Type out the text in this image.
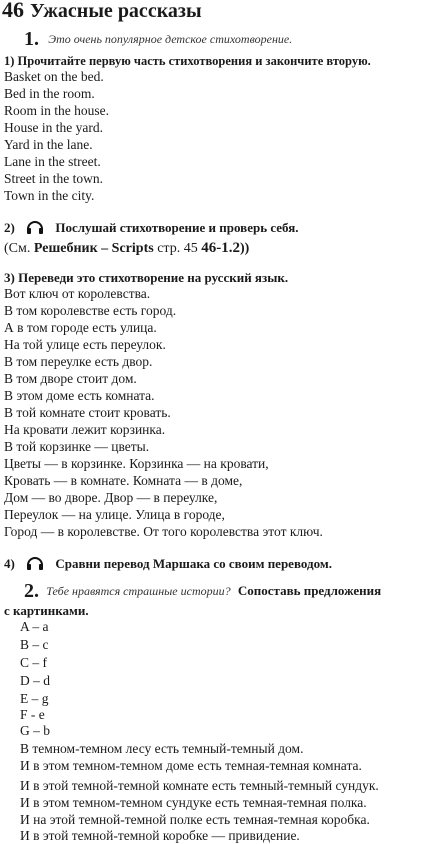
46 Ужасные рассказы
1. Это очень популярное детское стихотворение.
1) Прочитайте первую часть стихотворения и закончите вторую.
Basket on the bed.
Bed in the room.
Room in the house.
House in the yard.
Yard in the lane.
Lane in the street.
Street in the town.
Town in the city.
2)	Послушай стихотворение и проверь себя.
(См. Решебник – Scripts стр. 45 46-1.2))
3) Переведи это стихотворение на русский язык.
Вот ключ от королевства.
В том королевстве есть город.
А в том городе есть улица.
На той улице есть переулок.
В том переулке есть двор.
В том дворе стоит дом.
В этом доме есть комната.
В той комнате стоит кровать.
На кровати лежит корзинка.
В той корзинке — цветы.
Цветы — в корзинке. Корзинка — на кровати,
Кровать — в комнате. Комната — в доме,
Дом — во дворе. Двор — в переулке,
Переулок — на улице. Улица в городе,
Город — в королевстве. От того королевства этот ключ.
4)	Сравни перевод Маршака со своим переводом.
2. Тебе нравятся страшные истории? Сопоставь предложения
с картинками.
A – a
B – c
C – f
D – d
E – g
F - e
G – b
В темном-темном лесу есть темный-темный дом.
И в этом темном-темном доме есть темная-темная комната.
И в этой темной-темной комнате есть темный-темный сундук.
И в этом темном-темном сундуке есть темная-темная полка.
И на этой темной-темной полке есть темная-темная коробка.
И в этой темной-темной коробке — привидение.
